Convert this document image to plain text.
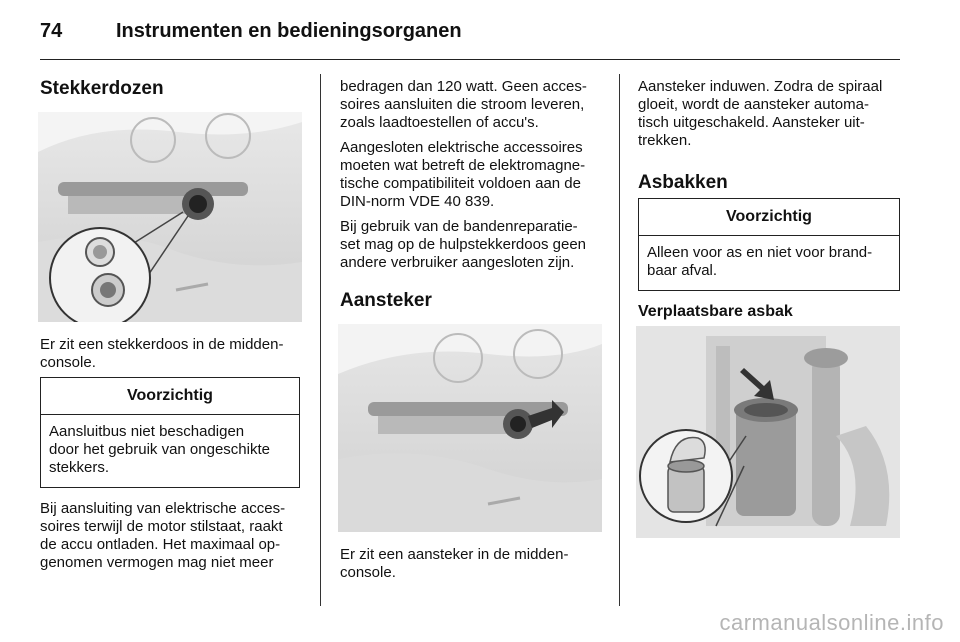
74	Instrumenten en bedieningsorganen
Stekkerdozen

Er zit een stekkerdoos in de midden-

console.

Voorzichtig

Aansluitbus niet beschadigen

door het gebruik van ongeschikte

stekkers.

Bij aansluiting van elektrische acces-

soires terwijl de motor stilstaat, raakt

de accu ontladen. Het maximaal op-

genomen vermogen mag niet meer

bedragen dan 120 watt. Geen acces-

soires aansluiten die stroom leveren,

zoals laadtoestellen of accu's.

Aangesloten elektrische accessoires

moeten wat betreft de elektromagne-

tische compatibiliteit voldoen aan de

DIN-norm VDE 40 839.

Bij gebruik van de bandenreparatie-

set mag op de hulpstekkerdoos geen

andere verbruiker aangesloten zijn.

Aansteker

Er zit een aansteker in de midden-

console.

Aansteker induwen. Zodra de spiraal

gloeit, wordt de aansteker automa-

tisch uitgeschakeld. Aansteker uit-

trekken.

Asbakken
Voorzichtig

Alleen voor as en niet voor brand-

baar afval.

Verplaatsbare asbak
carmanualsonline.info
